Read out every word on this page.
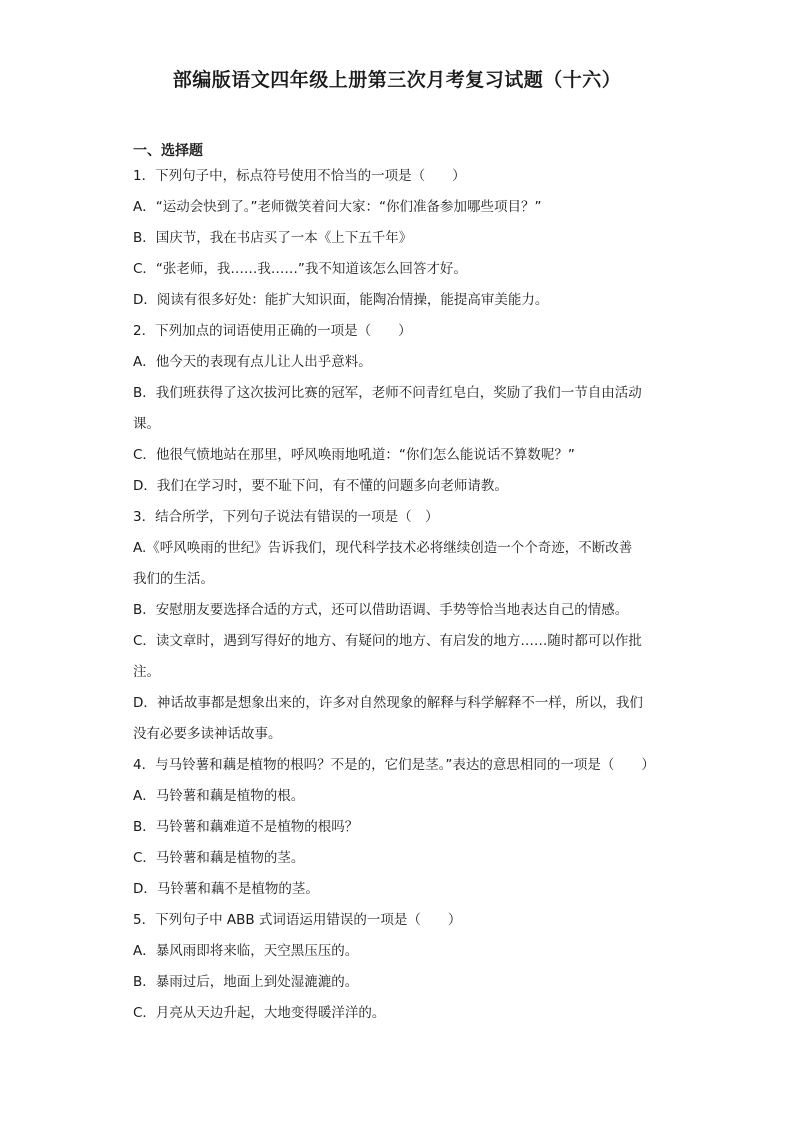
部编版语文四年级上册第三次月考复习试题（十六）
一、选择题
1．下列句子中，标点符号使用不恰当的一项是（　　）
A．“运动会快到了。”老师微笑着问大家：“你们准备参加哪些项目？”
B．国庆节，我在书店买了一本《上下五千年》
C．“张老师，我……我……”我不知道该怎么回答才好。
D．阅读有很多好处：能扩大知识面，能陶冶情操，能提高审美能力。
2．下列加点的词语使用正确的一项是（　　）
A．他今天的表现有点儿让人出乎意料。
B．我们班获得了这次拔河比赛的冠军，老师不问青红皂白，奖励了我们一节自由活动
课。
C．他很气愤地站在那里，呼风唤雨地吼道：“你们怎么能说话不算数呢？”
D．我们在学习时，要不耻下问，有不懂的问题多向老师请教。
3．结合所学，下列句子说法有错误的一项是（　）
A.《呼风唤雨的世纪》告诉我们，现代科学技术必将继续创造一个个奇迹，不断改善
我们的生活。
B．安慰朋友要选择合适的方式，还可以借助语调、手势等恰当地表达自己的情感。
C．读文章时，遇到写得好的地方、有疑问的地方、有启发的地方……随时都可以作批
注。
D．神话故事都是想象出来的，许多对自然现象的解释与科学解释不一样，所以，我们
没有必要多读神话故事。
4．与马铃薯和藕是植物的根吗？不是的，它们是茎。”表达的意思相同的一项是（　　）
A．马铃薯和藕是植物的根。
B．马铃薯和藕难道不是植物的根吗？
C．马铃薯和藕是植物的茎。
D．马铃薯和藕不是植物的茎。
5．下列句子中 ABB 式词语运用错误的一项是（　　）
A．暴风雨即将来临，天空黑压压的。
B．暴雨过后，地面上到处湿漉漉的。
C．月亮从天边升起，大地变得暖洋洋的。
